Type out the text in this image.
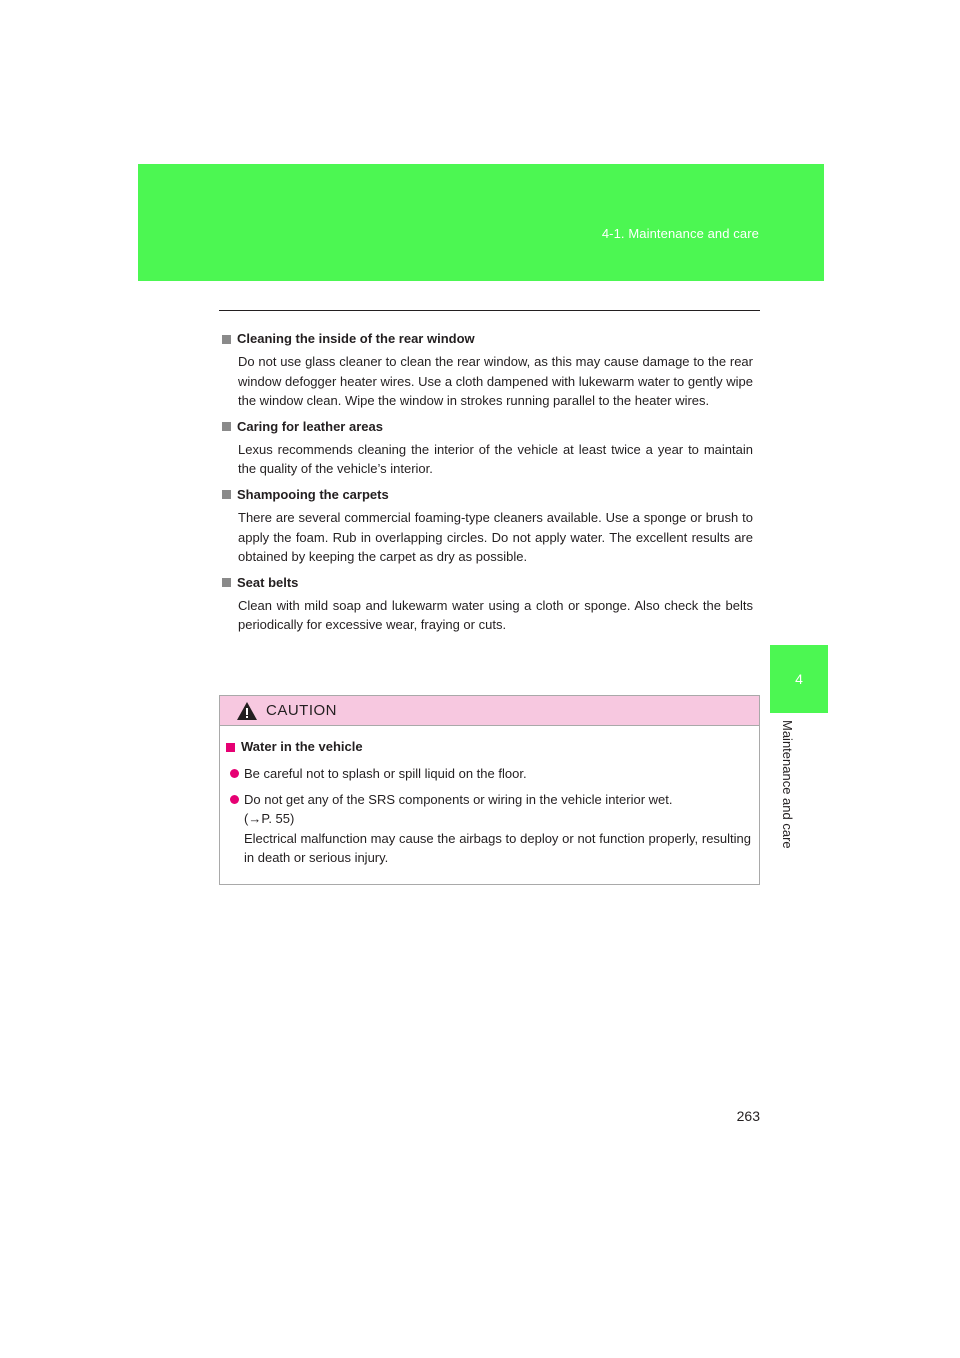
4-1. Maintenance and care
4
Maintenance and care
Cleaning the inside of the rear window
Do not use glass cleaner to clean the rear window, as this may cause damage to the rear window defogger heater wires. Use a cloth dampened with lukewarm water to gently wipe the window clean. Wipe the window in strokes running parallel to the heater wires.
Caring for leather areas
Lexus recommends cleaning the interior of the vehicle at least twice a year to maintain the quality of the vehicle’s interior.
Shampooing the carpets
There are several commercial foaming-type cleaners available. Use a sponge or brush to apply the foam. Rub in overlapping circles. Do not apply water. The excellent results are obtained by keeping the carpet as dry as possible.
Seat belts
Clean with mild soap and lukewarm water using a cloth or sponge. Also check the belts periodically for excessive wear, fraying or cuts.
CAUTION
Water in the vehicle
Be careful not to splash or spill liquid on the floor.
Do not get any of the SRS components or wiring in the vehicle interior wet.
(→P. 55)
Electrical malfunction may cause the airbags to deploy or not function properly, resulting in death or serious injury.
263
